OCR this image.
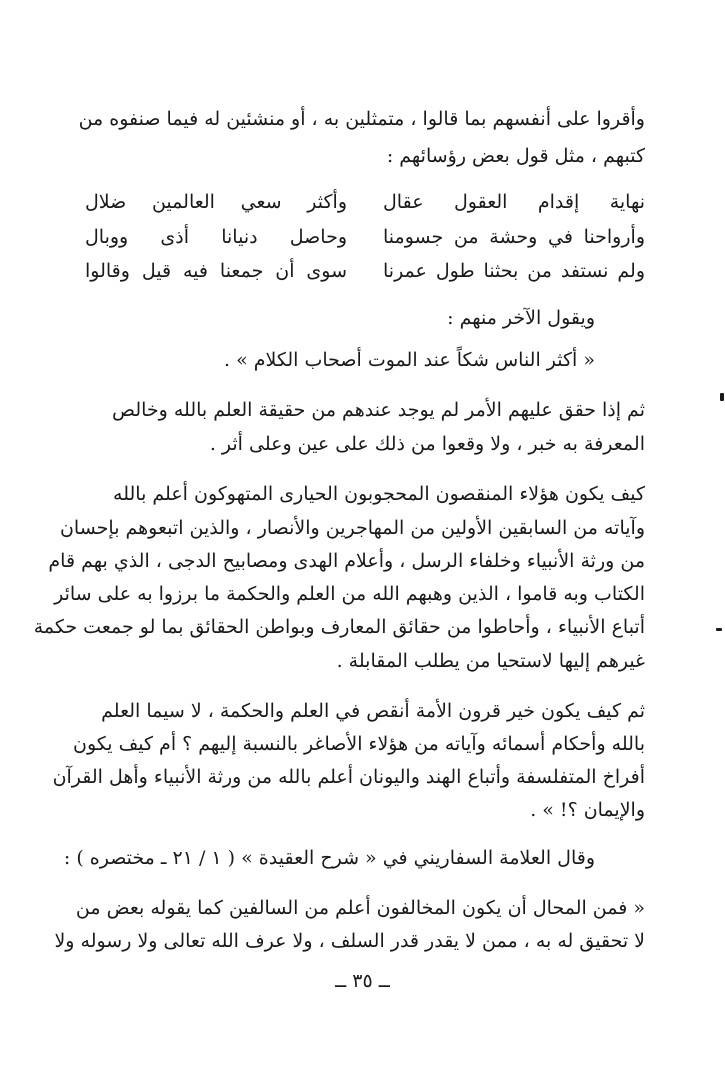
وأقروا على أنفسهم بما قالوا ، متمثلين به ، أو منشئين له فيما صنفوه من
كتبهم ، مثل قول بعض رؤسائهم :
نهاية إقدام العقول عقال
وأكثر سعي العالمين ضلال
وأرواحنا في وحشة من جسومنا
وحاصل دنيانا أذى ووبال
ولم نستفد من بحثنا طول عمرنا
سوى أن جمعنا فيه قيل وقالوا
ويقول الآخر منهم :
« أكثر الناس شكاً عند الموت أصحاب الكلام » .
ثم إذا حقق عليهم الأمر لم يوجد عندهم من حقيقة العلم بالله وخالص
المعرفة به خبر ، ولا وقعوا من ذلك على عين وعلى أثر .
كيف يكون هؤلاء المنقصون المحجوبون الحيارى المتهوكون أعلم بالله
وآياته من السابقين الأولين من المهاجرين والأنصار ، والذين اتبعوهم بإحسان
من ورثة الأنبياء وخلفاء الرسل ، وأعلام الهدى ومصابيح الدجى ، الذي بهم قام
الكتاب وبه قاموا ، الذين وهبهم الله من العلم والحكمة ما برزوا به على سائر
أتباع الأنبياء ، وأحاطوا من حقائق المعارف وبواطن الحقائق بما لو جمعت حكمة
غيرهم إليها لاستحيا من يطلب المقابلة .
ثم كيف يكون خير قرون الأمة أنقص في العلم والحكمة ، لا سيما العلم
بالله وأحكام أسمائه وآياته من هؤلاء الأصاغر بالنسبة إليهم ؟ أم كيف يكون
أفراخ المتفلسفة وأتباع الهند واليونان أعلم بالله من ورثة الأنبياء وأهل القرآن
والإيمان ؟! » .
وقال العلامة السفاريني في « شرح العقيدة » ( ١ / ٢١ ـ مختصره ) :
« فمن المحال أن يكون المخالفون أعلم من السالفين كما يقوله بعض من
لا تحقيق له به ، ممن لا يقدر قدر السلف ، ولا عرف الله تعالى ولا رسوله ولا
ــ ٣٥ ــ
